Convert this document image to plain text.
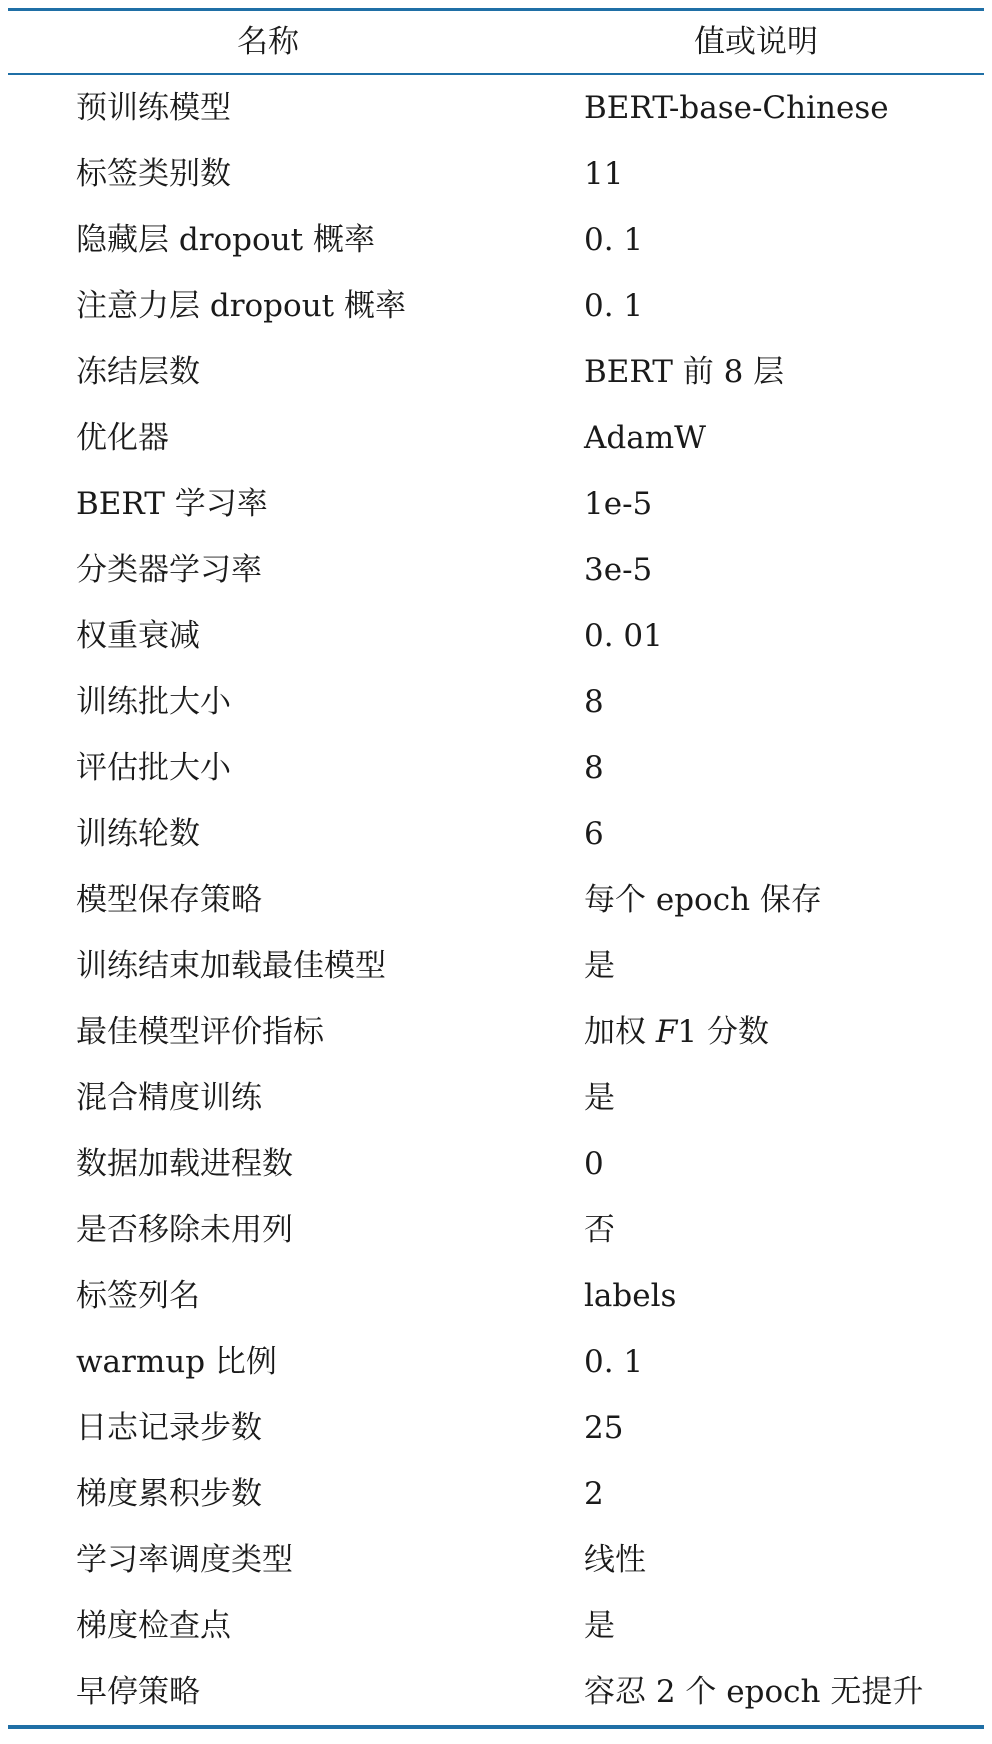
名称	值或说明
预训练模型	BERT-base-Chinese
标签类别数	11
隐藏层 dropout 概率	0. 1
注意力层 dropout 概率	0. 1
冻结层数	BERT 前 8 层
优化器	AdamW
BERT 学习率	1e-5
分类器学习率	3e-5
权重衰减	0. 01
训练批大小	8
评估批大小	8
训练轮数	6
模型保存策略	每个 epoch 保存
训练结束加载最佳模型	是
最佳模型评价指标	加权 F1 分数
混合精度训练	是
数据加载进程数	0
是否移除未用列	否
标签列名	labels
warmup 比例	0. 1
日志记录步数	25
梯度累积步数	2
学习率调度类型	线性
梯度检查点	是
早停策略	容忍 2 个 epoch 无提升
